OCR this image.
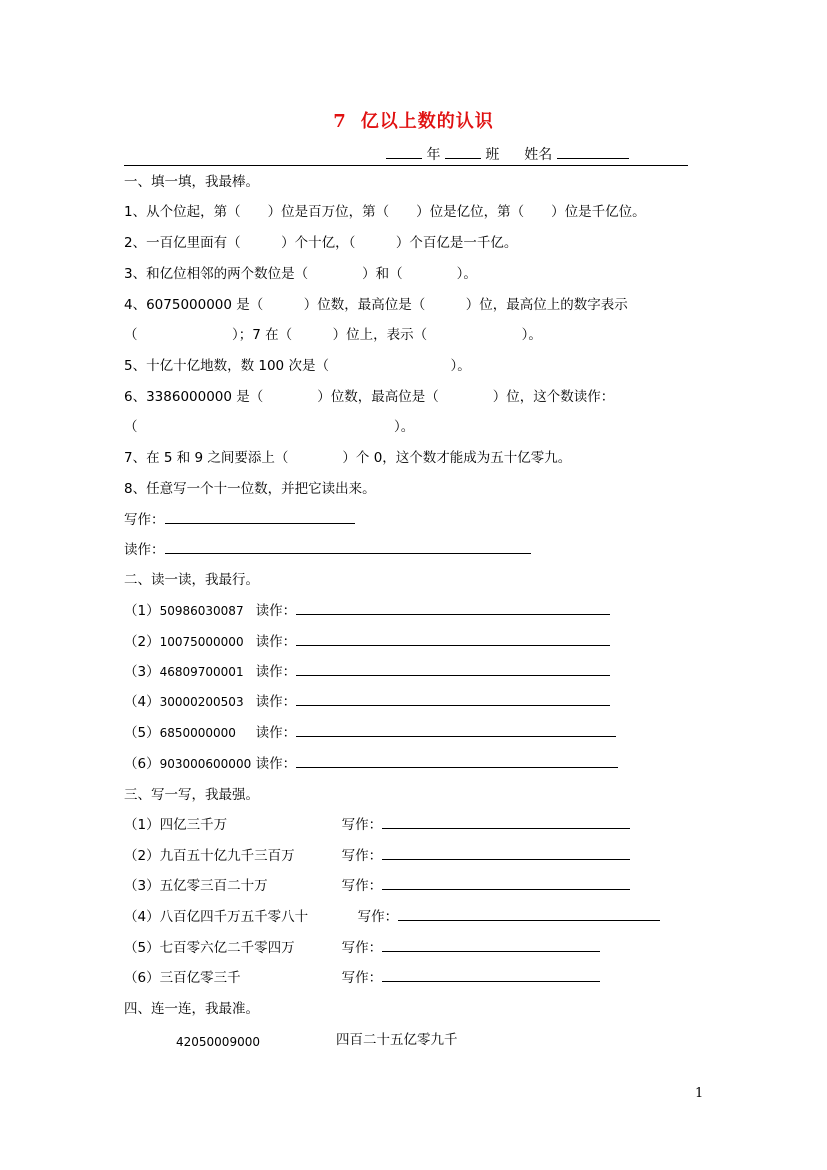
7 亿以上数的认识
年	班 姓名
一、填一填，我最棒。
1、从个位起，第（　　）位是百万位，第（　　）位是亿位，第（　　）位是千亿位。
2、一百亿里面有（　　　）个十亿，（　　　）个百亿是一千亿。
3、和亿位相邻的两个数位是（　　　　）和（　　　　）。
4、6075000000 是（　　　）位数，最高位是（　　　）位，最高位上的数字表示
（　　　　　　　）；7 在（　　　）位上，表示（　　　　　　　）。
5、十亿十亿地数，数 100 次是（　　　　　　　　　）。
6、3386000000 是（　　　　）位数，最高位是（　　　　）位，这个数读作：
（　　　　　　　　　　　　　　　　　　　）。
7、在 5 和 9 之间要添上（　　　　）个 0，这个数才能成为五十亿零九。
8、任意写一个十一位数，并把它读出来。
写作：
读作：
二、读一读，我最行。
（1）50986030087 读作：
（2）10075000000 读作：
（3）46809700001 读作：
（4）30000200503 读作：
（5）6850000000 读作：
（6）903000600000 读作：
三、写一写，我最强。
（1）四亿三千万	写作：
（2）九百五十亿九千三百万	写作：
（3）五亿零三百二十万	写作：
（4）八百亿四千万五千零八十	写作：
（5）七百零六亿二千零四万	写作：
（6）三百亿零三千	写作：
四、连一连，我最准。
42050009000	四百二十五亿零九千
1
